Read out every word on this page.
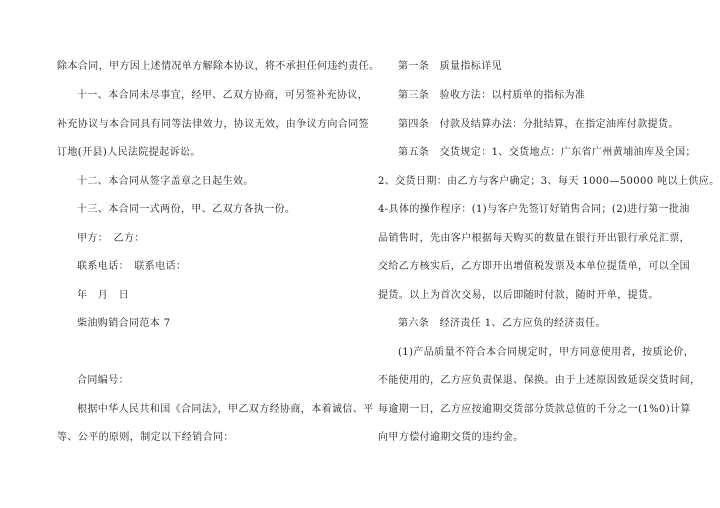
除本合同，甲方因上述情况单方解除本协议，将不承担任何违约责任。
十一、本合同未尽事宜，经甲、乙双方协商，可另签补充协议，
补充协议与本合同具有同等法律效力，协议无效，由争议方向合同签
订地(开县)人民法院提起诉讼。
十二、本合同从签字盖章之日起生效。
十三、本合同一式两份，甲、乙双方各执一份。
甲方：　乙方：
联系电话：　联系电话：
年　月　日
柴油购销合同范本 7
合同编号：
根据中华人民共和国《合同法》，甲乙双方经协商，本着诚信、平
等、公平的原则，制定以下经销合同：
第一条　质量指标详见
第三条　验收方法：以村质单的指标为准
第四条　付款及结算办法：分批结算，在指定油库付款提货。
第五条　交货规定：1、交货地点：广东省广州黄埔油库及全国；
2、交货日期：由乙方与客户确定；3、每天 1000—50000 吨以上供应。
4-具体的操作程序：(1)与客户先签订好销售合同；(2)进行第一批油
品销售时，先由客户根据每天购买的数量在银行开出银行承兑汇票，
交给乙方核实后，乙方即开出增值税发票及本单位提货单，可以全国
提货。以上为首次交易，以后即随时付款，随时开单，提货。
第六条　经济责任 1、乙方应负的经济责任。
(1)产品质量不符合本合同规定时，甲方同意使用者，按质论价，
不能使用的，乙方应负责保退、保换。由于上述原因致延误交货时间，
每逾期一日，乙方应按逾期交货部分货款总值的千分之一(1%0)计算
向甲方偿付逾期交货的违约金。
